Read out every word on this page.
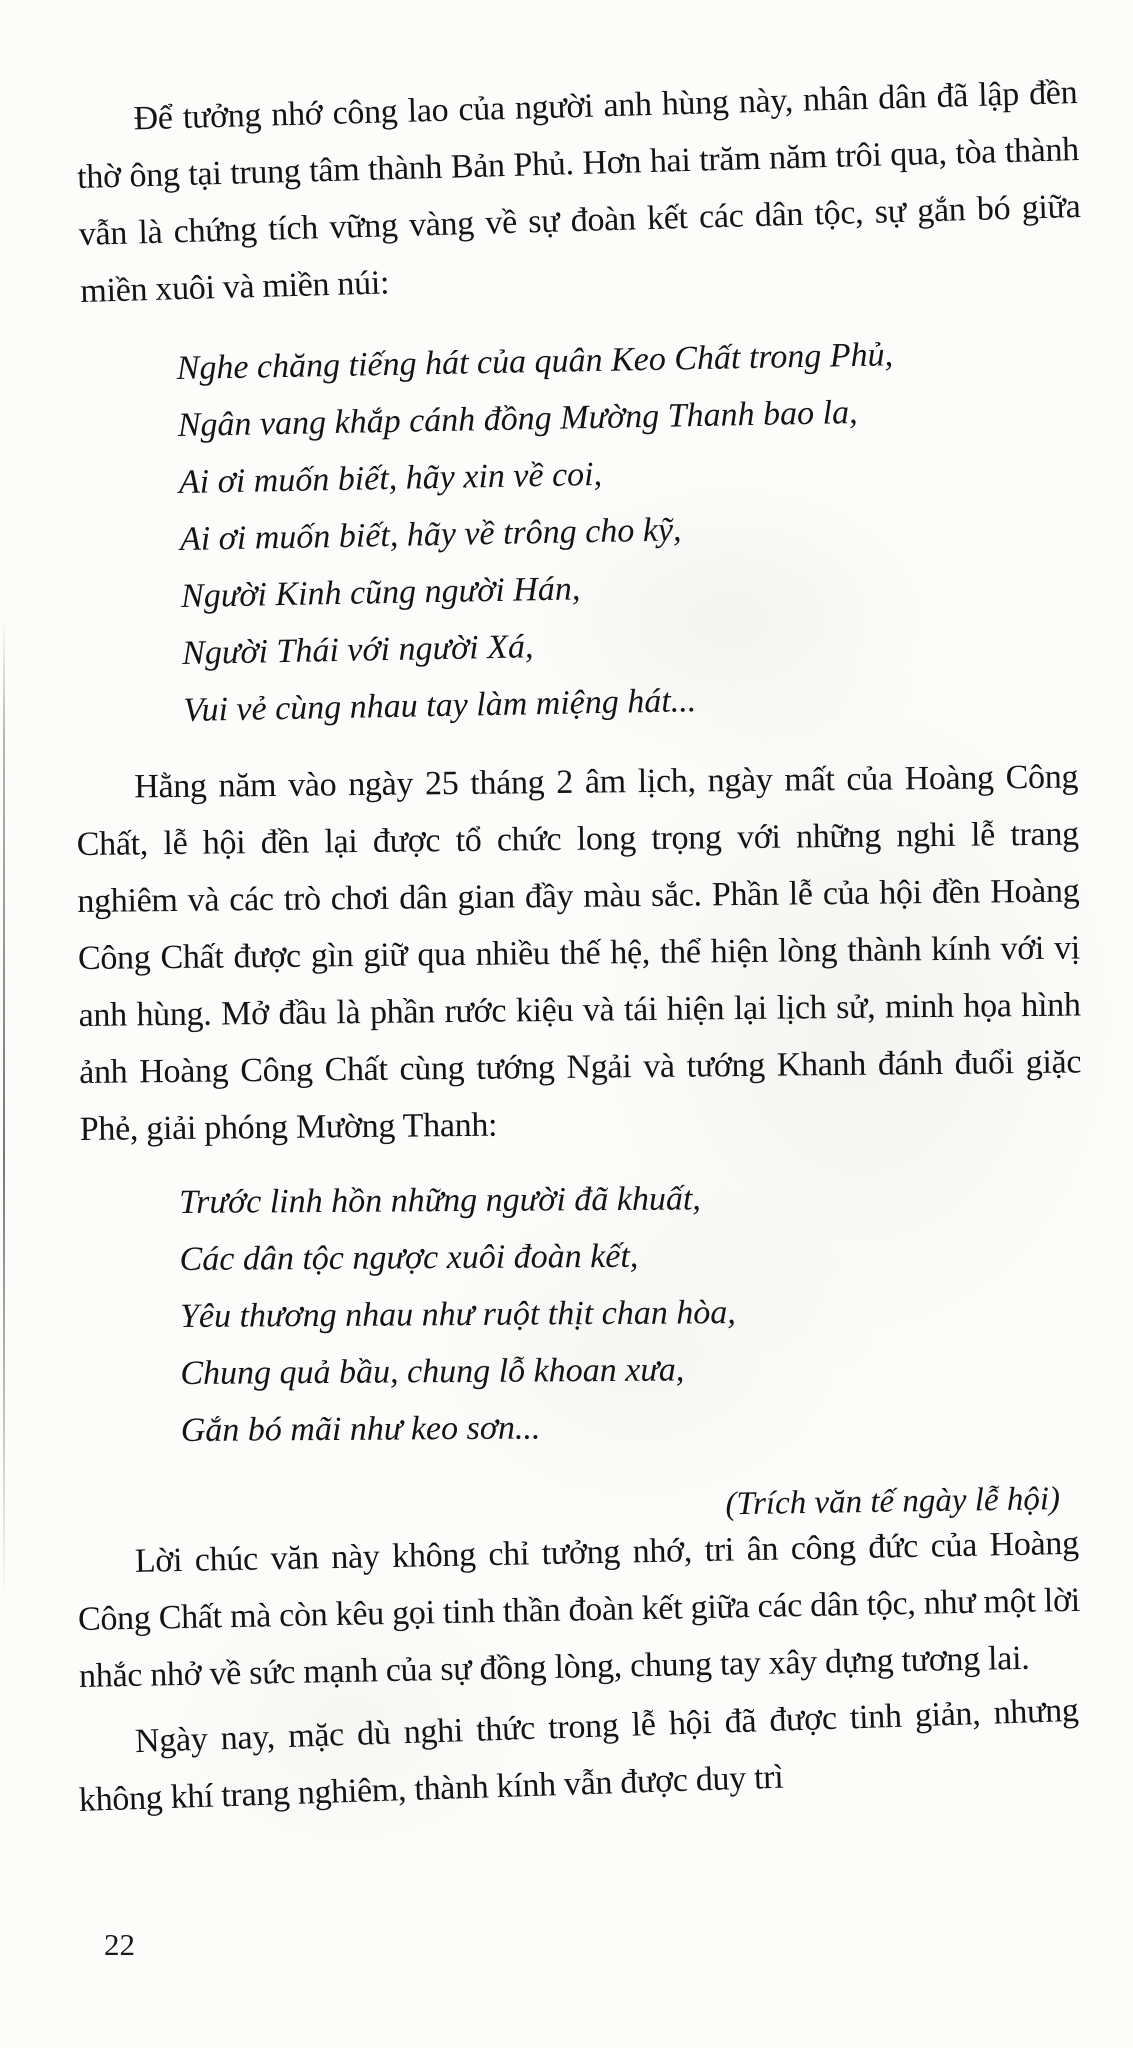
Để tưởng nhớ công lao của người anh hùng này, nhân dân đã lập đền thờ ông tại trung tâm thành Bản Phủ. Hơn hai trăm năm trôi qua, tòa thành vẫn là chứng tích vững vàng về sự đoàn kết các dân tộc, sự gắn bó giữa miền xuôi và miền núi:

Nghe chăng tiếng hát của quân Keo Chất trong Phủ,
Ngân vang khắp cánh đồng Mường Thanh bao la,
Ai ơi muốn biết, hãy xin về coi,
Ai ơi muốn biết, hãy về trông cho kỹ,
Người Kinh cũng người Hán,
Người Thái với người Xá,
Vui vẻ cùng nhau tay làm miệng hát...

Hằng năm vào ngày 25 tháng 2 âm lịch, ngày mất của Hoàng Công Chất, lễ hội đền lại được tổ chức long trọng với những nghi lễ trang nghiêm và các trò chơi dân gian đầy màu sắc. Phần lễ của hội đền Hoàng Công Chất được gìn giữ qua nhiều thế hệ, thể hiện lòng thành kính với vị anh hùng. Mở đầu là phần rước kiệu và tái hiện lại lịch sử, minh họa hình ảnh Hoàng Công Chất cùng tướng Ngải và tướng Khanh đánh đuổi giặc Phẻ, giải phóng Mường Thanh:

Trước linh hồn những người đã khuất,
Các dân tộc ngược xuôi đoàn kết,
Yêu thương nhau như ruột thịt chan hòa,
Chung quả bầu, chung lỗ khoan xưa,
Gắn bó mãi như keo sơn...
(Trích văn tế ngày lễ hội)

Lời chúc văn này không chỉ tưởng nhớ, tri ân công đức của Hoàng Công Chất mà còn kêu gọi tinh thần đoàn kết giữa các dân tộc, như một lời nhắc nhở về sức mạnh của sự đồng lòng, chung tay xây dựng tương lai.

Ngày nay, mặc dù nghi thức trong lễ hội đã được tinh giản, nhưng không khí trang nghiêm, thành kính vẫn được duy trì

22
